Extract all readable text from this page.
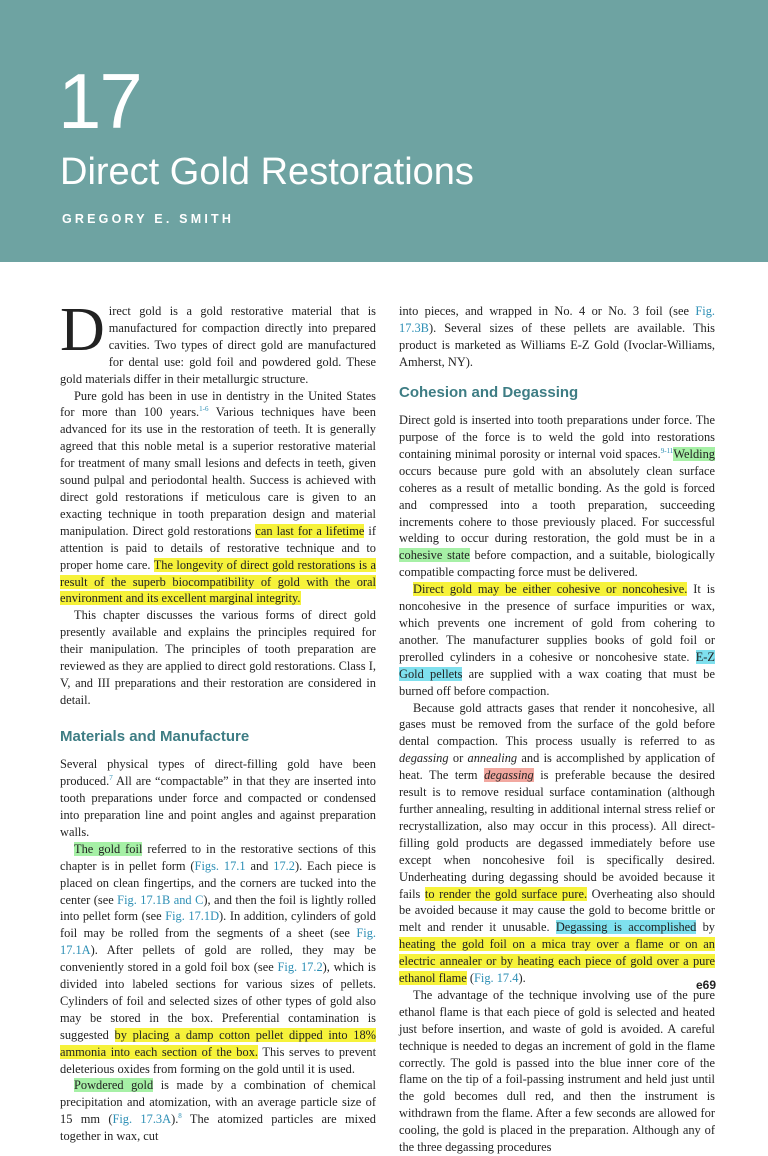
17
Direct Gold Restorations
GREGORY E. SMITH

Direct gold is a gold restorative material that is manufactured for compaction directly into prepared cavities. Two types of direct gold are manufactured for dental use: gold foil and powdered gold. These gold materials differ in their metallurgic structure.

Pure gold has been in use in dentistry in the United States for more than 100 years.$^{1-6}$ Various techniques have been advanced for its use in the restoration of teeth. It is generally agreed that this noble metal is a superior restorative material for treatment of many small lesions and defects in teeth, given sound pulpal and periodontal health. Success is achieved with direct gold restorations if meticulous care is given to an exacting technique in tooth preparation design and material manipulation. Direct gold restorations can last for a lifetime if attention is paid to details of restorative technique and to proper home care. The longevity of direct gold restorations is a result of the superb biocompatibility of gold with the oral environment and its excellent marginal integrity.

This chapter discusses the various forms of direct gold presently available and explains the principles required for their manipulation. The principles of tooth preparation are reviewed as they are applied to direct gold restorations. Class I, V, and III preparations and their restoration are considered in detail.

Materials and Manufacture

Several physical types of direct-filling gold have been produced.$^7$ All are “compactable” in that they are inserted into tooth preparations under force and compacted or condensed into preparation line and point angles and against preparation walls.

The gold foil referred to in the restorative sections of this chapter is in pellet form (Figs. 17.1 and 17.2). Each piece is placed on clean fingertips, and the corners are tucked into the center (see Fig. 17.1B and C), and then the foil is lightly rolled into pellet form (see Fig. 17.1D). In addition, cylinders of gold foil may be rolled from the segments of a sheet (see Fig. 17.1A). After pellets of gold are rolled, they may be conveniently stored in a gold foil box (see Fig. 17.2), which is divided into labeled sections for various sizes of pellets. Cylinders of foil and selected sizes of other types of gold also may be stored in the box. Preferential contamination is suggested by placing a damp cotton pellet dipped into 18% ammonia into each section of the box. This serves to prevent deleterious oxides from forming on the gold until it is used.

Powdered gold is made by a combination of chemical precipitation and atomization, with an average particle size of 15 mm (Fig. 17.3A).$^8$ The atomized particles are mixed together in wax, cut

into pieces, and wrapped in No. 4 or No. 3 foil (see Fig. 17.3B). Several sizes of these pellets are available. This product is marketed as Williams E-Z Gold (Ivoclar-Williams, Amherst, NY).

Cohesion and Degassing

Direct gold is inserted into tooth preparations under force. The purpose of the force is to weld the gold into restorations containing minimal porosity or internal void spaces.$^{9-11}$Welding occurs because pure gold with an absolutely clean surface coheres as a result of metallic bonding. As the gold is forced and compressed into a tooth preparation, succeeding increments cohere to those previously placed. For successful welding to occur during restoration, the gold must be in a cohesive state before compaction, and a suitable, biologically compatible compacting force must be delivered.

Direct gold may be either cohesive or noncohesive. It is noncohesive in the presence of surface impurities or wax, which prevents one increment of gold from cohering to another. The manufacturer supplies books of gold foil or prerolled cylinders in a cohesive or noncohesive state. E-Z Gold pellets are supplied with a wax coating that must be burned off before compaction.

Because gold attracts gases that render it noncohesive, all gases must be removed from the surface of the gold before dental compaction. This process usually is referred to as degassing or annealing and is accomplished by application of heat. The term degassing is preferable because the desired result is to remove residual surface contamination (although further annealing, resulting in additional internal stress relief or recrystallization, also may occur in this process). All direct-filling gold products are degassed immediately before use except when noncohesive foil is specifically desired. Underheating during degassing should be avoided because it fails to render the gold surface pure. Overheating also should be avoided because it may cause the gold to become brittle or melt and render it unusable. Degassing is accomplished by heating the gold foil on a mica tray over a flame or on an electric annealer or by heating each piece of gold over a pure ethanol flame (Fig. 17.4).

The advantage of the technique involving use of the pure ethanol flame is that each piece of gold is selected and heated just before insertion, and waste of gold is avoided. A careful technique is needed to degas an increment of gold in the flame correctly. The gold is passed into the blue inner core of the flame on the tip of a foil-passing instrument and held just until the gold becomes dull red, and then the instrument is withdrawn from the flame. After a few seconds are allowed for cooling, the gold is placed in the preparation. Although any of the three degassing procedures

e69
